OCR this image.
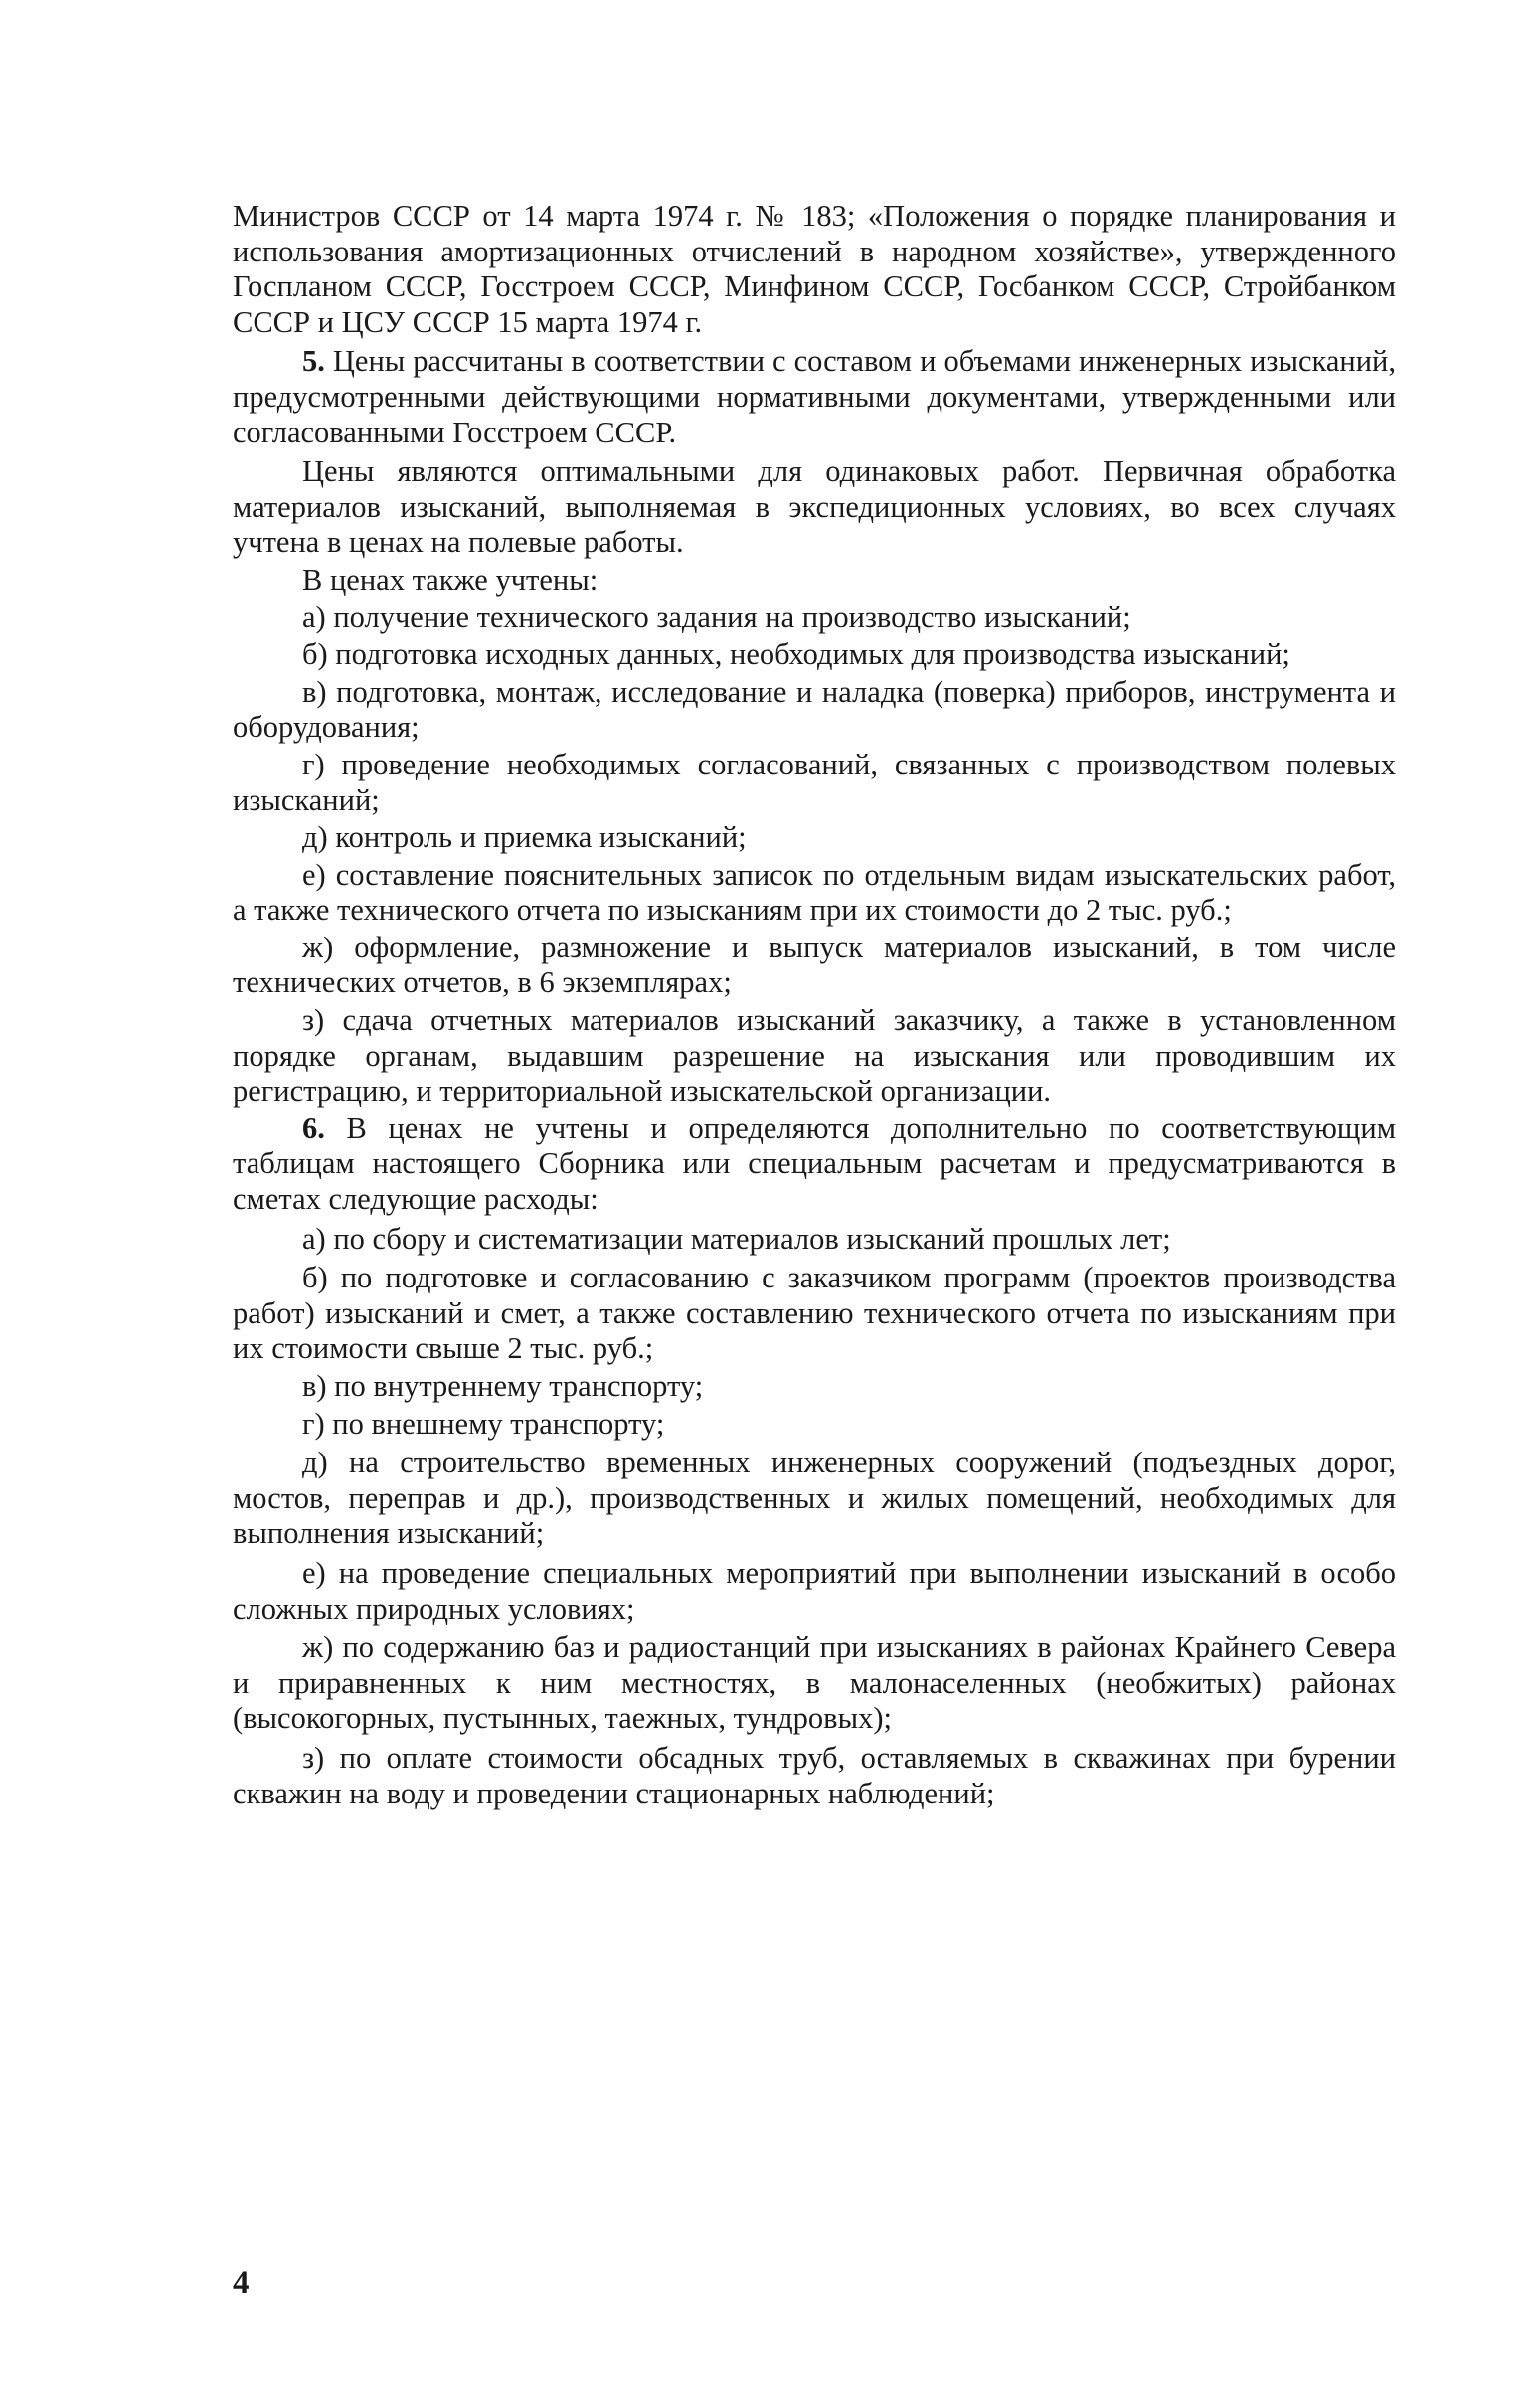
Министров СССР от 14 марта 1974 г. № 183; «Положения о порядке планирования и использования амортизационных отчислений в народном хозяйстве», утвержденного Госпланом СССР, Госстроем СССР, Минфином СССР, Госбанком СССР, Стройбанком СССР и ЦСУ СССР 15 марта 1974 г.

5. Цены рассчитаны в соответствии с составом и объемами инженерных изысканий, предусмотренными действующими нормативными документами, утвержденными или согласованными Госстроем СССР.

Цены являются оптимальными для одинаковых работ. Первичная обработка материалов изысканий, выполняемая в экспедиционных условиях, во всех случаях учтена в ценах на полевые работы.

В ценах также учтены:

а) получение технического задания на производство изысканий;

б) подготовка исходных данных, необходимых для производства изысканий;

в) подготовка, монтаж, исследование и наладка (поверка) приборов, инструмента и оборудования;

г) проведение необходимых согласований, связанных с производством полевых изысканий;

д) контроль и приемка изысканий;

е) составление пояснительных записок по отдельным видам изыскательских работ, а также технического отчета по изысканиям при их стоимости до 2 тыс. руб.;

ж) оформление, размножение и выпуск материалов изысканий, в том числе технических отчетов, в 6 экземплярах;

з) сдача отчетных материалов изысканий заказчику, а также в установленном порядке органам, выдавшим разрешение на изыскания или проводившим их регистрацию, и территориальной изыскательской организации.

6. В ценах не учтены и определяются дополнительно по соответствующим таблицам настоящего Сборника или специальным расчетам и предусматриваются в сметах следующие расходы:

а) по сбору и систематизации материалов изысканий прошлых лет;

б) по подготовке и согласованию с заказчиком программ (проектов производства работ) изысканий и смет, а также составлению технического отчета по изысканиям при их стоимости свыше 2 тыс. руб.;

в) по внутреннему транспорту;

г) по внешнему транспорту;

д) на строительство временных инженерных сооружений (подъездных дорог, мостов, переправ и др.), производственных и жилых помещений, необходимых для выполнения изысканий;

е) на проведение специальных мероприятий при выполнении изысканий в особо сложных природных условиях;

ж) по содержанию баз и радиостанций при изысканиях в районах Крайнего Севера и приравненных к ним местностях, в малонаселенных (необжитых) районах (высокогорных, пустынных, таежных, тундровых);

з) по оплате стоимости обсадных труб, оставляемых в скважинах при бурении скважин на воду и проведении стационарных наблюдений;

4
